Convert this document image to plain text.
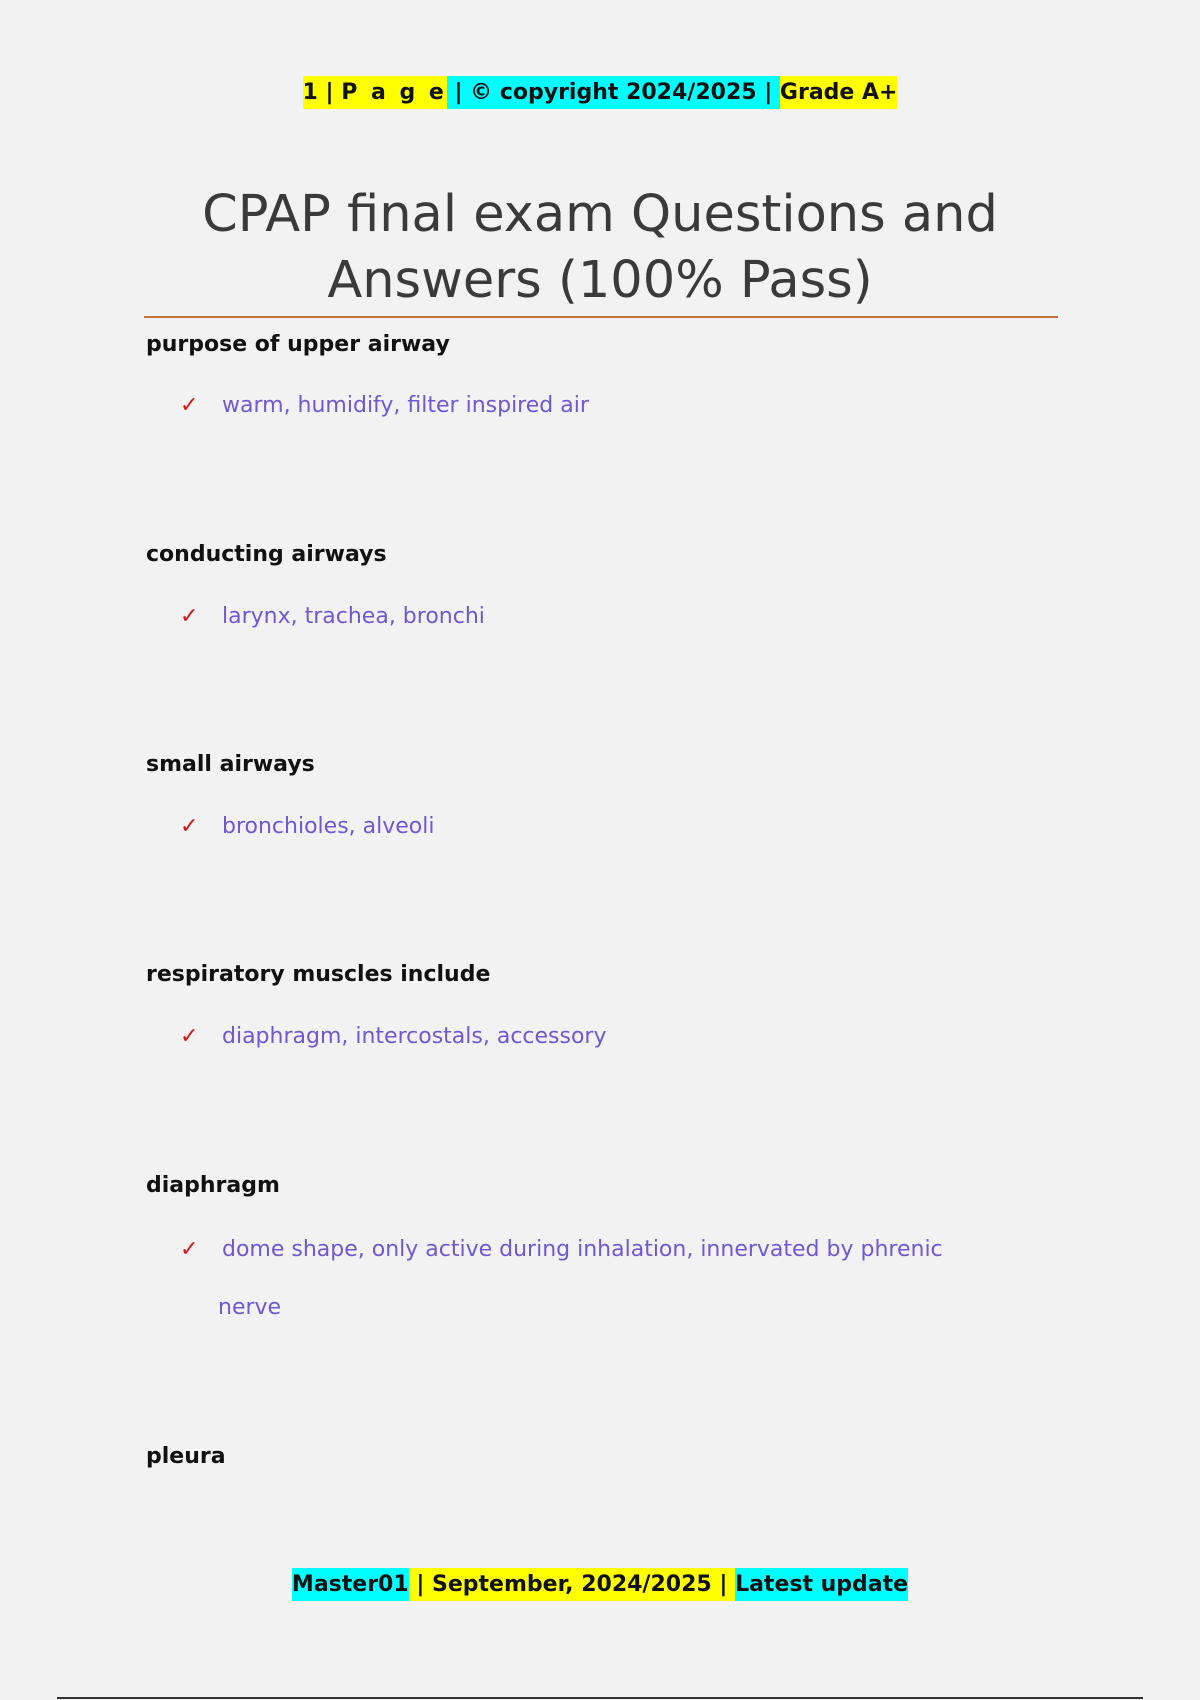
1 | P a g e | © copyright 2024/2025 | Grade A+
CPAP final exam Questions and Answers (100% Pass)

purpose of upper airway

✓ warm, humidify, filter inspired air

conducting airways

✓ larynx, trachea, bronchi

small airways

✓ bronchioles, alveoli

respiratory muscles include

✓ diaphragm, intercostals, accessory

diaphragm

✓ dome shape, only active during inhalation, innervated by phrenic
nerve

pleura

Master01 | September, 2024/2025 | Latest update
